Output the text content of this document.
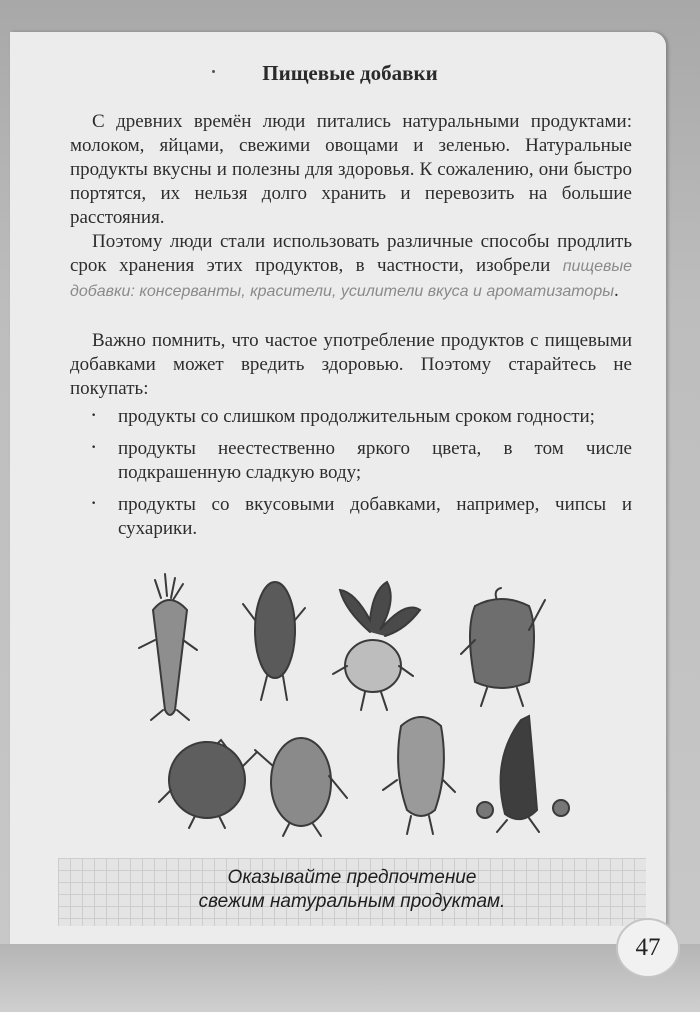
Пищевые добавки

С древних времён люди питались натуральными продуктами: молоком, яйцами, свежими овощами и зеленью. Натуральные продукты вкусны и полезны для здоровья. К сожалению, они быстро портятся, их нельзя долго хранить и перевозить на большие расстояния.

Поэтому люди стали использовать различные способы продлить срок хранения этих продуктов, в частности, изобрели пищевые добавки: консерванты, красители, усилители вкуса и ароматизаторы.

Важно помнить, что частое употребление продуктов с пищевыми добавками может вредить здоровью. Поэтому старайтесь не покупать:

· продукты со слишком продолжительным сроком годности;
· продукты неестественно яркого цвета, в том числе подкрашенную сладкую воду;
· продукты со вкусовыми добавками, например, чипсы и сухарики.
Оказывайте предпочтение
свежим натуральным продуктам.
47
